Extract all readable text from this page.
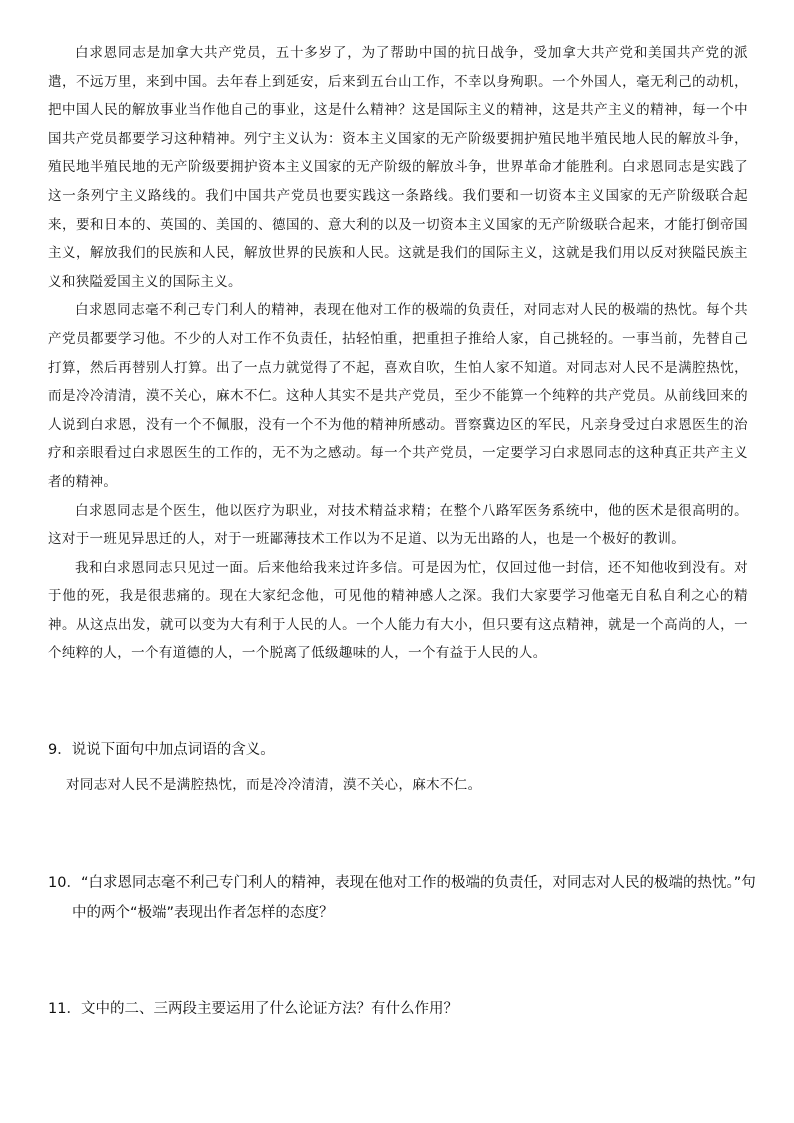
白求恩同志是加拿大共产党员，五十多岁了，为了帮助中国的抗日战争，受加拿大共产党和美国共产党的派遣，不远万里，来到中国。去年春上到延安，后来到五台山工作，不幸以身殉职。一个外国人，毫无利己的动机，把中国人民的解放事业当作他自己的事业，这是什么精神？这是国际主义的精神，这是共产主义的精神，每一个中国共产党员都要学习这种精神。列宁主义认为：资本主义国家的无产阶级要拥护殖民地半殖民地人民的解放斗争，殖民地半殖民地的无产阶级要拥护资本主义国家的无产阶级的解放斗争，世界革命才能胜利。白求恩同志是实践了这一条列宁主义路线的。我们中国共产党员也要实践这一条路线。我们要和一切资本主义国家的无产阶级联合起来，要和日本的、英国的、美国的、德国的、意大利的以及一切资本主义国家的无产阶级联合起来，才能打倒帝国主义，解放我们的民族和人民，解放世界的民族和人民。这就是我们的国际主义，这就是我们用以反对狭隘民族主义和狭隘爱国主义的国际主义。

白求恩同志毫不利己专门利人的精神，表现在他对工作的极端的负责任，对同志对人民的极端的热忱。每个共产党员都要学习他。不少的人对工作不负责任，拈轻怕重，把重担子推给人家，自己挑轻的。一事当前，先替自己打算，然后再替别人打算。出了一点力就觉得了不起，喜欢自吹，生怕人家不知道。对同志对人民不是满腔热忱，而是冷冷清清，漠不关心，麻木不仁。这种人其实不是共产党员，至少不能算一个纯粹的共产党员。从前线回来的人说到白求恩，没有一个不佩服，没有一个不为他的精神所感动。晋察冀边区的军民，凡亲身受过白求恩医生的治疗和亲眼看过白求恩医生的工作的，无不为之感动。每一个共产党员，一定要学习白求恩同志的这种真正共产主义者的精神。

白求恩同志是个医生，他以医疗为职业，对技术精益求精；在整个八路军医务系统中，他的医术是很高明的。这对于一班见异思迁的人，对于一班鄙薄技术工作以为不足道、以为无出路的人，也是一个极好的教训。

我和白求恩同志只见过一面。后来他给我来过许多信。可是因为忙，仅回过他一封信，还不知他收到没有。对于他的死，我是很悲痛的。现在大家纪念他，可见他的精神感人之深。我们大家要学习他毫无自私自利之心的精神。从这点出发，就可以变为大有利于人民的人。一个人能力有大小，但只要有这点精神，就是一个高尚的人，一个纯粹的人，一个有道德的人，一个脱离了低级趣味的人，一个有益于人民的人。

9．说说下面句中加点词语的含义。
对同志对人民不是满腔热忱，而是冷冷清清，漠不关心，麻木不仁。
10．“白求恩同志毫不利己专门利人的精神，表现在他对工作的极端的负责任，对同志对人民的极端的热忱。”句
中的两个“极端”表现出作者怎样的态度？
11．文中的二、三两段主要运用了什么论证方法？有什么作用？
